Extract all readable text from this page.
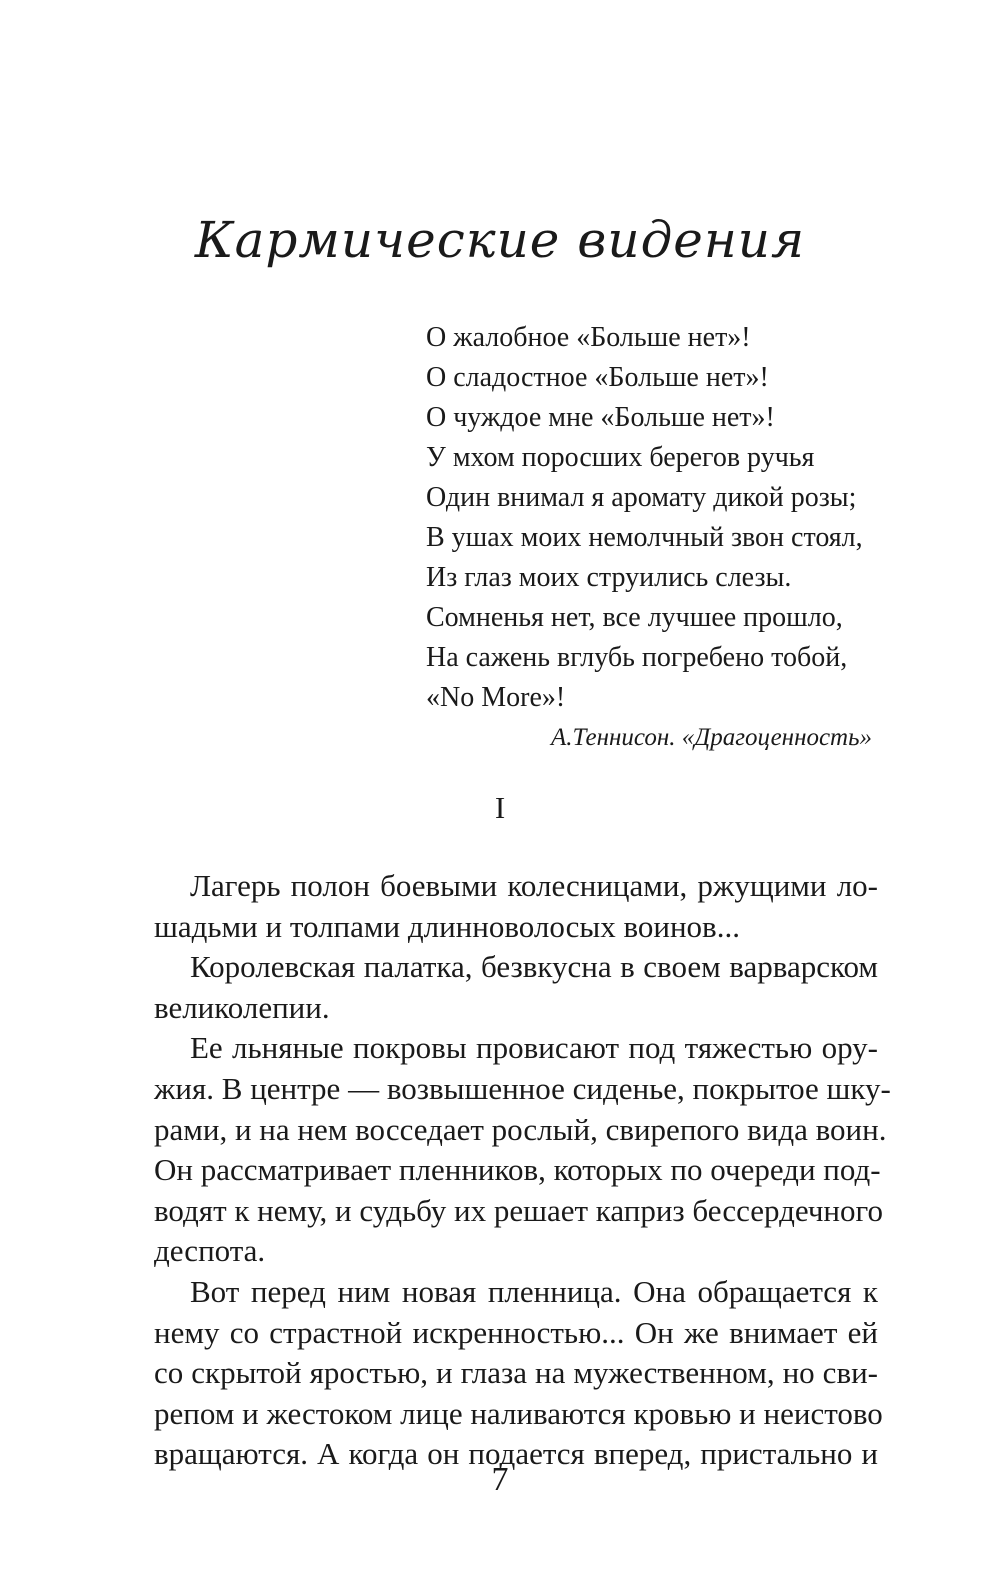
Кармические видения
О жалобное «Больше нет»!
О сладостное «Больше нет»!
О чуждое мне «Больше нет»!
У мхом поросших берегов ручья
Один внимал я аромату дикой розы;
В ушах моих немолчный звон стоял,
Из глаз моих струились слезы.
Сомненья нет, все лучшее прошло,
На сажень вглубь погребено тобой,
«No More»!
А.Теннисон. «Драгоценность»
I
Лагерь полон боевыми колесницами, ржущими ло-
шадьми и толпами длинноволосых воинов...
Королевская палатка, безвкусна в своем варварском
великолепии.
Ее льняные покровы провисают под тяжестью ору-
жия. В центре — возвышенное сиденье, покрытое шку-
рами, и на нем восседает рослый, свирепого вида воин.
Он рассматривает пленников, которых по очереди под-
водят к нему, и судьбу их решает каприз бессердечного
деспота.
Вот перед ним новая пленница. Она обращается к
нему со страстной искренностью... Он же внимает ей
со скрытой яростью, и глаза на мужественном, но сви-
репом и жестоком лице наливаются кровью и неистово
вращаются. А когда он подается вперед, пристально и
7
